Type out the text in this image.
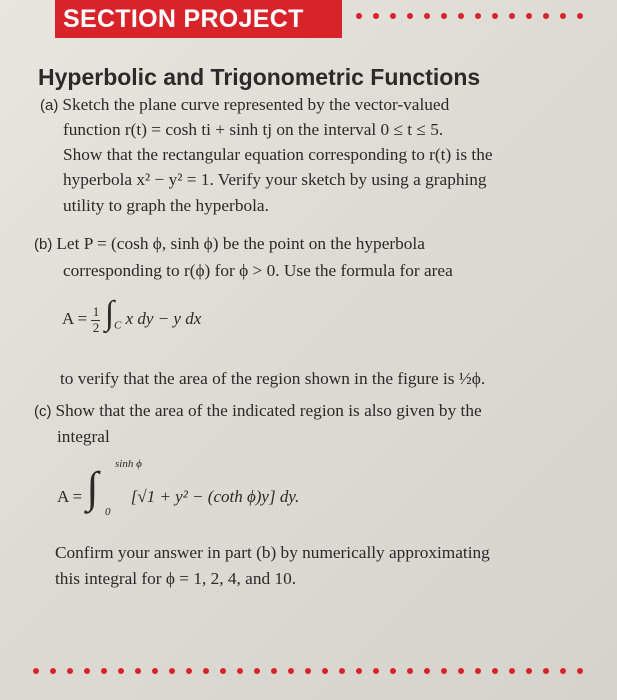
SECTION PROJECT
Hyperbolic and Trigonometric Functions
(a) Sketch the plane curve represented by the vector-valued
function r(t) = cosh ti + sinh tj on the interval 0 ≤ t ≤ 5.
Show that the rectangular equation corresponding to r(t) is the
hyperbola x² − y² = 1. Verify your sketch by using a graphing
utility to graph the hyperbola.
(b) Let P = (cosh ϕ, sinh ϕ) be the point on the hyperbola
corresponding to r(ϕ) for ϕ > 0. Use the formula for area
$A = \frac{1}{2} \int_C$ x dy − y dx
to verify that the area of the region shown in the figure is ½ϕ.
(c) Show that the area of the indicated region is also given by the
integral
A = ∫ sinh ϕ
0
[√1 + y² − (coth ϕ)y] dy.
Confirm your answer in part (b) by numerically approximating
this integral for ϕ = 1, 2, 4, and 10.
